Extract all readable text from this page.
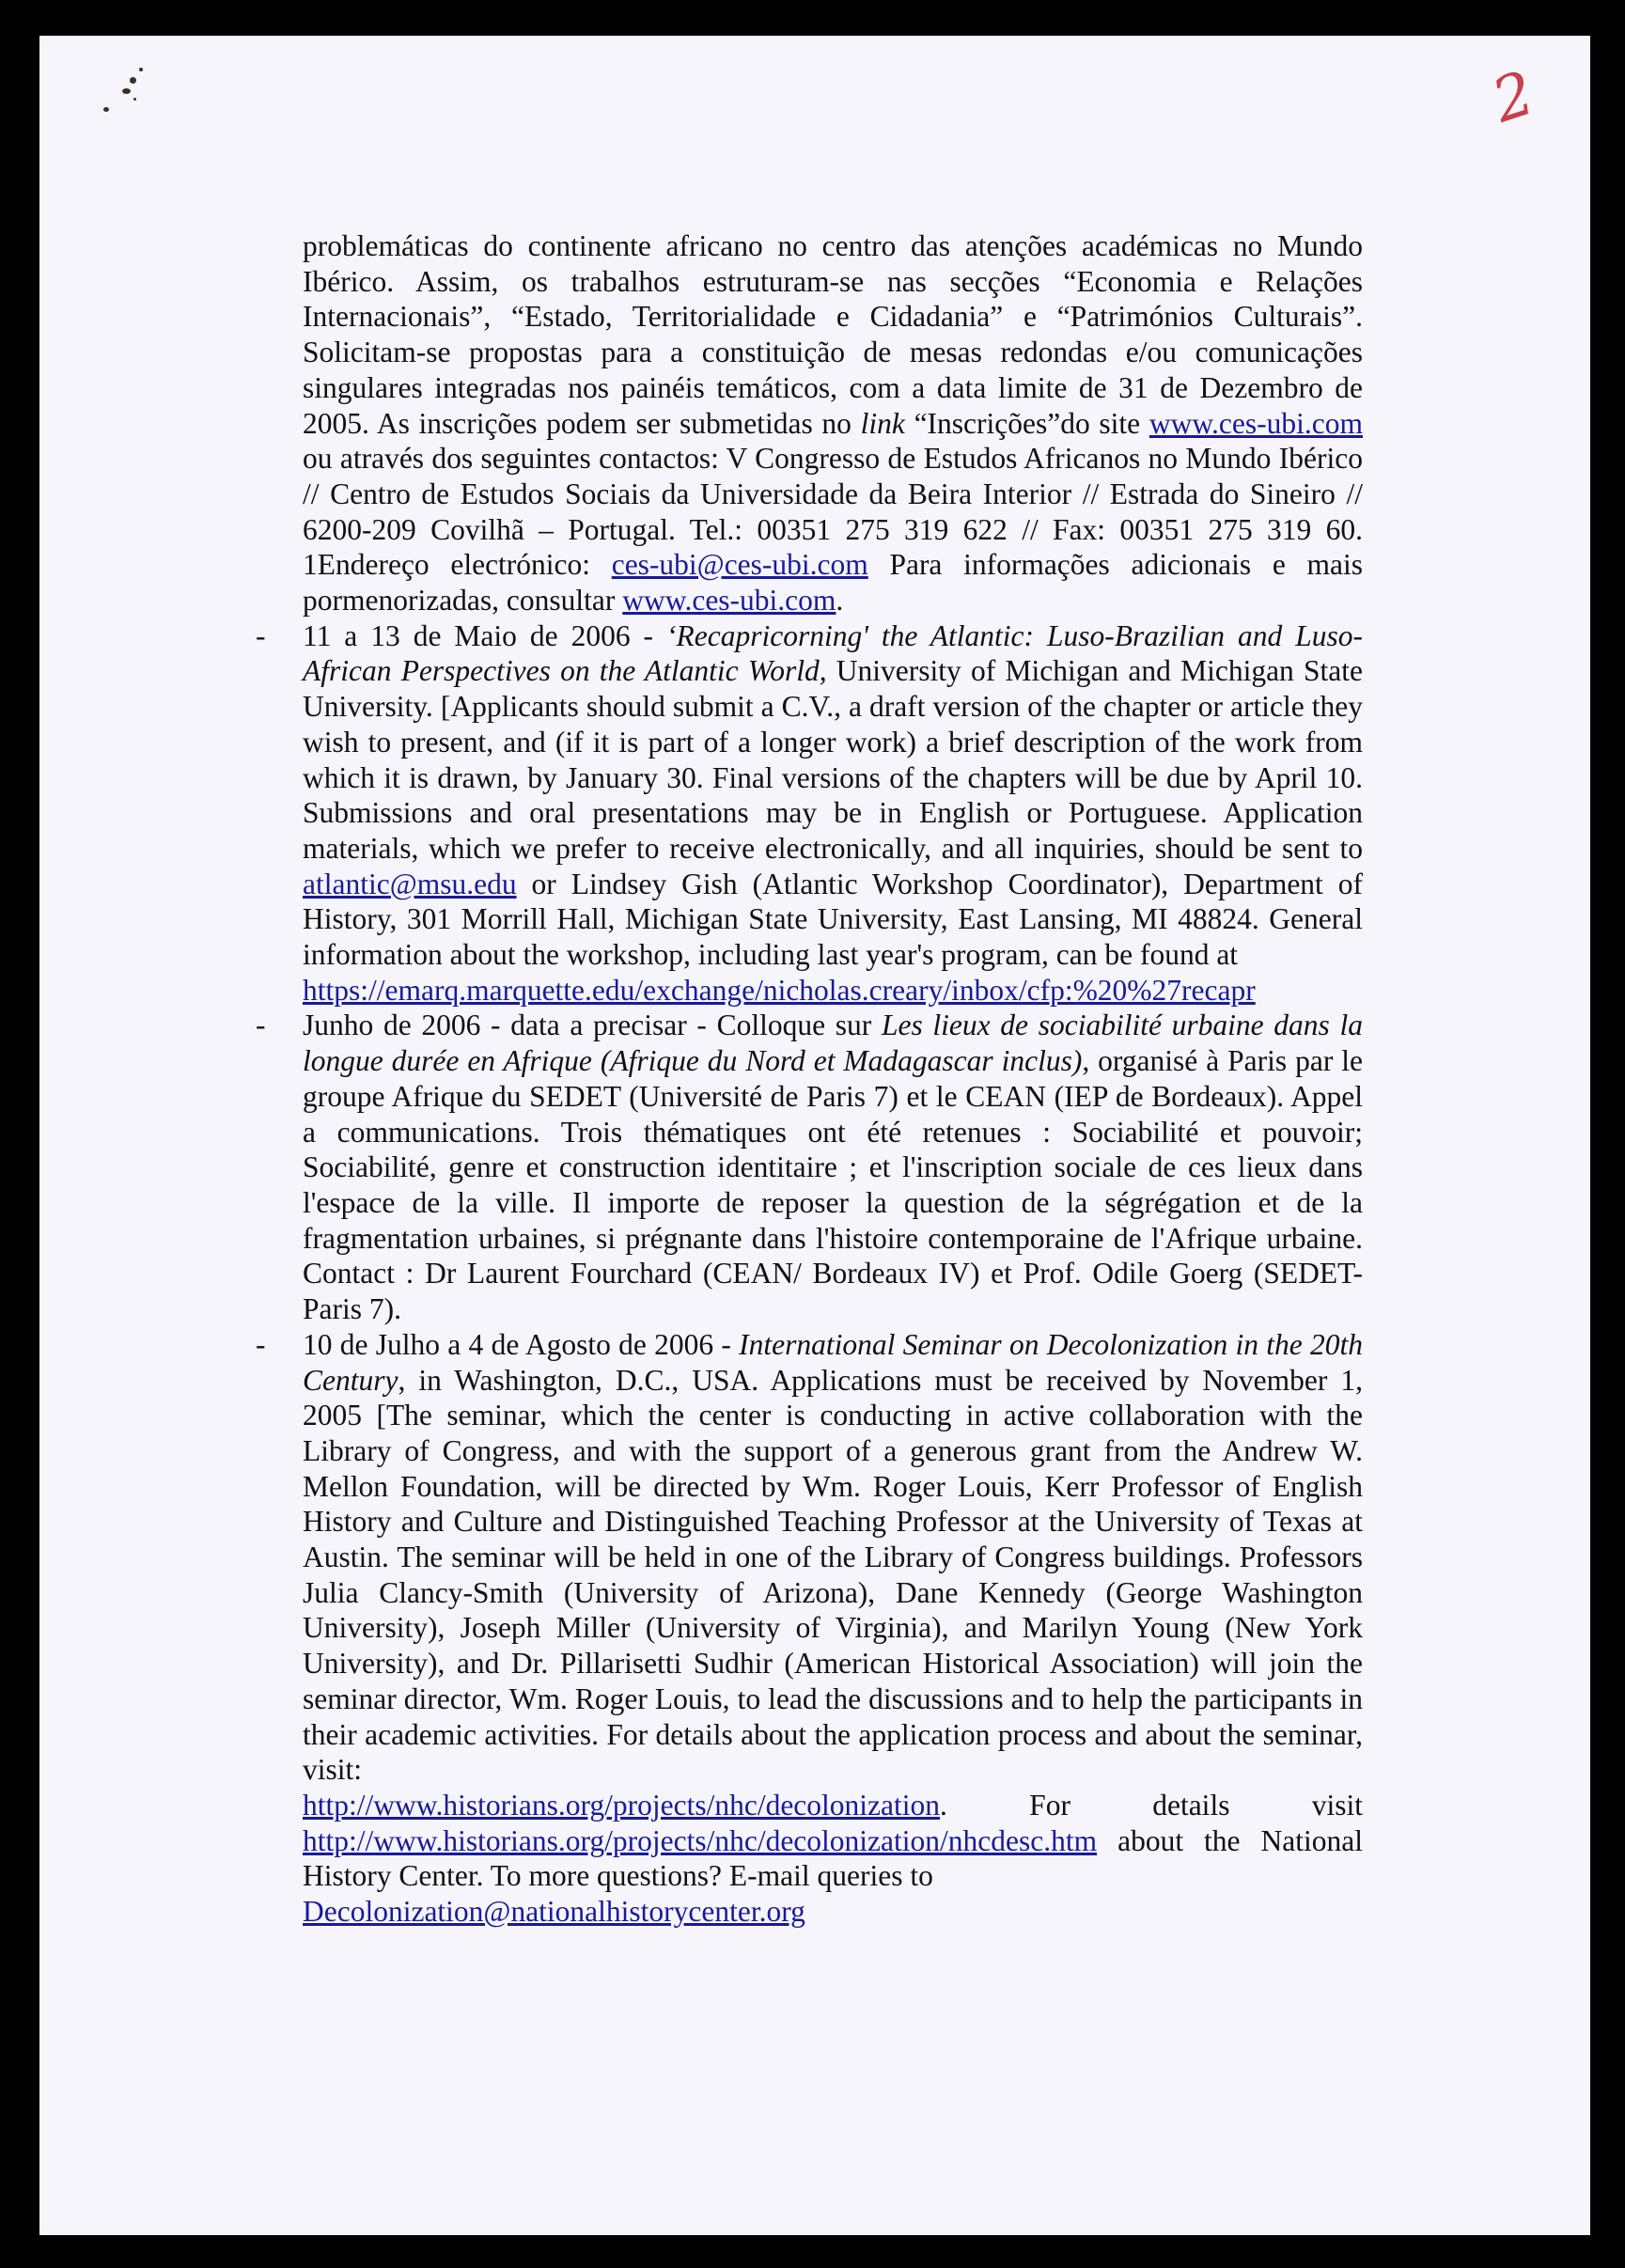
2

problemáticas do continente africano no centro das atenções académicas no Mundo Ibérico. Assim, os trabalhos estruturam-se nas secções “Economia e Relações Internacionais”, “Estado, Territorialidade e Cidadania” e “Patrimónios Culturais”. Solicitam-se propostas para a constituição de mesas redondas e/ou comunicações singulares integradas nos painéis temáticos, com a data limite de 31 de Dezembro de 2005. As inscrições podem ser submetidas no link “Inscrições”do site www.ces-ubi.com ou através dos seguintes contactos: V Congresso de Estudos Africanos no Mundo Ibérico // Centro de Estudos Sociais da Universidade da Beira Interior // Estrada do Sineiro // 6200-209 Covilhã – Portugal. Tel.: 00351 275 319 622 // Fax: 00351 275 319 60. 1Endereço electrónico: ces-ubi@ces-ubi.com Para informações adicionais e mais pormenorizadas, consultar www.ces-ubi.com.

- 11 a 13 de Maio de 2006 - ‘Recapricorning' the Atlantic: Luso-Brazilian and Luso-African Perspectives on the Atlantic World, University of Michigan and Michigan State University. [Applicants should submit a C.V., a draft version of the chapter or article they wish to present, and (if it is part of a longer work) a brief description of the work from which it is drawn, by January 30. Final versions of the chapters will be due by April 10. Submissions and oral presentations may be in English or Portuguese. Application materials, which we prefer to receive electronically, and all inquiries, should be sent to atlantic@msu.edu or Lindsey Gish (Atlantic Workshop Coordinator), Department of History, 301 Morrill Hall, Michigan State University, East Lansing, MI 48824. General information about the workshop, including last year's program, can be found at
https://emarq.marquette.edu/exchange/nicholas.creary/inbox/cfp:%20%27recapr

- Junho de 2006 - data a precisar - Colloque sur Les lieux de sociabilité urbaine dans la longue durée en Afrique (Afrique du Nord et Madagascar inclus), organisé à Paris par le groupe Afrique du SEDET (Université de Paris 7) et le CEAN (IEP de Bordeaux). Appel a communications. Trois thématiques ont été retenues : Sociabilité et pouvoir; Sociabilité, genre et construction identitaire ; et l'inscription sociale de ces lieux dans l'espace de la ville. Il importe de reposer la question de la ségrégation et de la fragmentation urbaines, si prégnante dans l'histoire contemporaine de l'Afrique urbaine. Contact : Dr Laurent Fourchard (CEAN/ Bordeaux IV) et Prof. Odile Goerg (SEDET-Paris 7).

- 10 de Julho a 4 de Agosto de 2006 - International Seminar on Decolonization in the 20th Century, in Washington, D.C., USA. Applications must be received by November 1, 2005 [The seminar, which the center is conducting in active collaboration with the Library of Congress, and with the support of a generous grant from the Andrew W. Mellon Foundation, will be directed by Wm. Roger Louis, Kerr Professor of English History and Culture and Distinguished Teaching Professor at the University of Texas at Austin. The seminar will be held in one of the Library of Congress buildings. Professors Julia Clancy-Smith (University of Arizona), Dane Kennedy (George Washington University), Joseph Miller (University of Virginia), and Marilyn Young (New York University), and Dr. Pillarisetti Sudhir (American Historical Association) will join the seminar director, Wm. Roger Louis, to lead the discussions and to help the participants in their academic activities. For details about the application process and about the seminar, visit:

http://www.historians.org/projects/nhc/decolonization. For details visit

http://www.historians.org/projects/nhc/decolonization/nhcdesc.htm about the National History Center. To more questions? E-mail queries to
Decolonization@nationalhistorycenter.org
